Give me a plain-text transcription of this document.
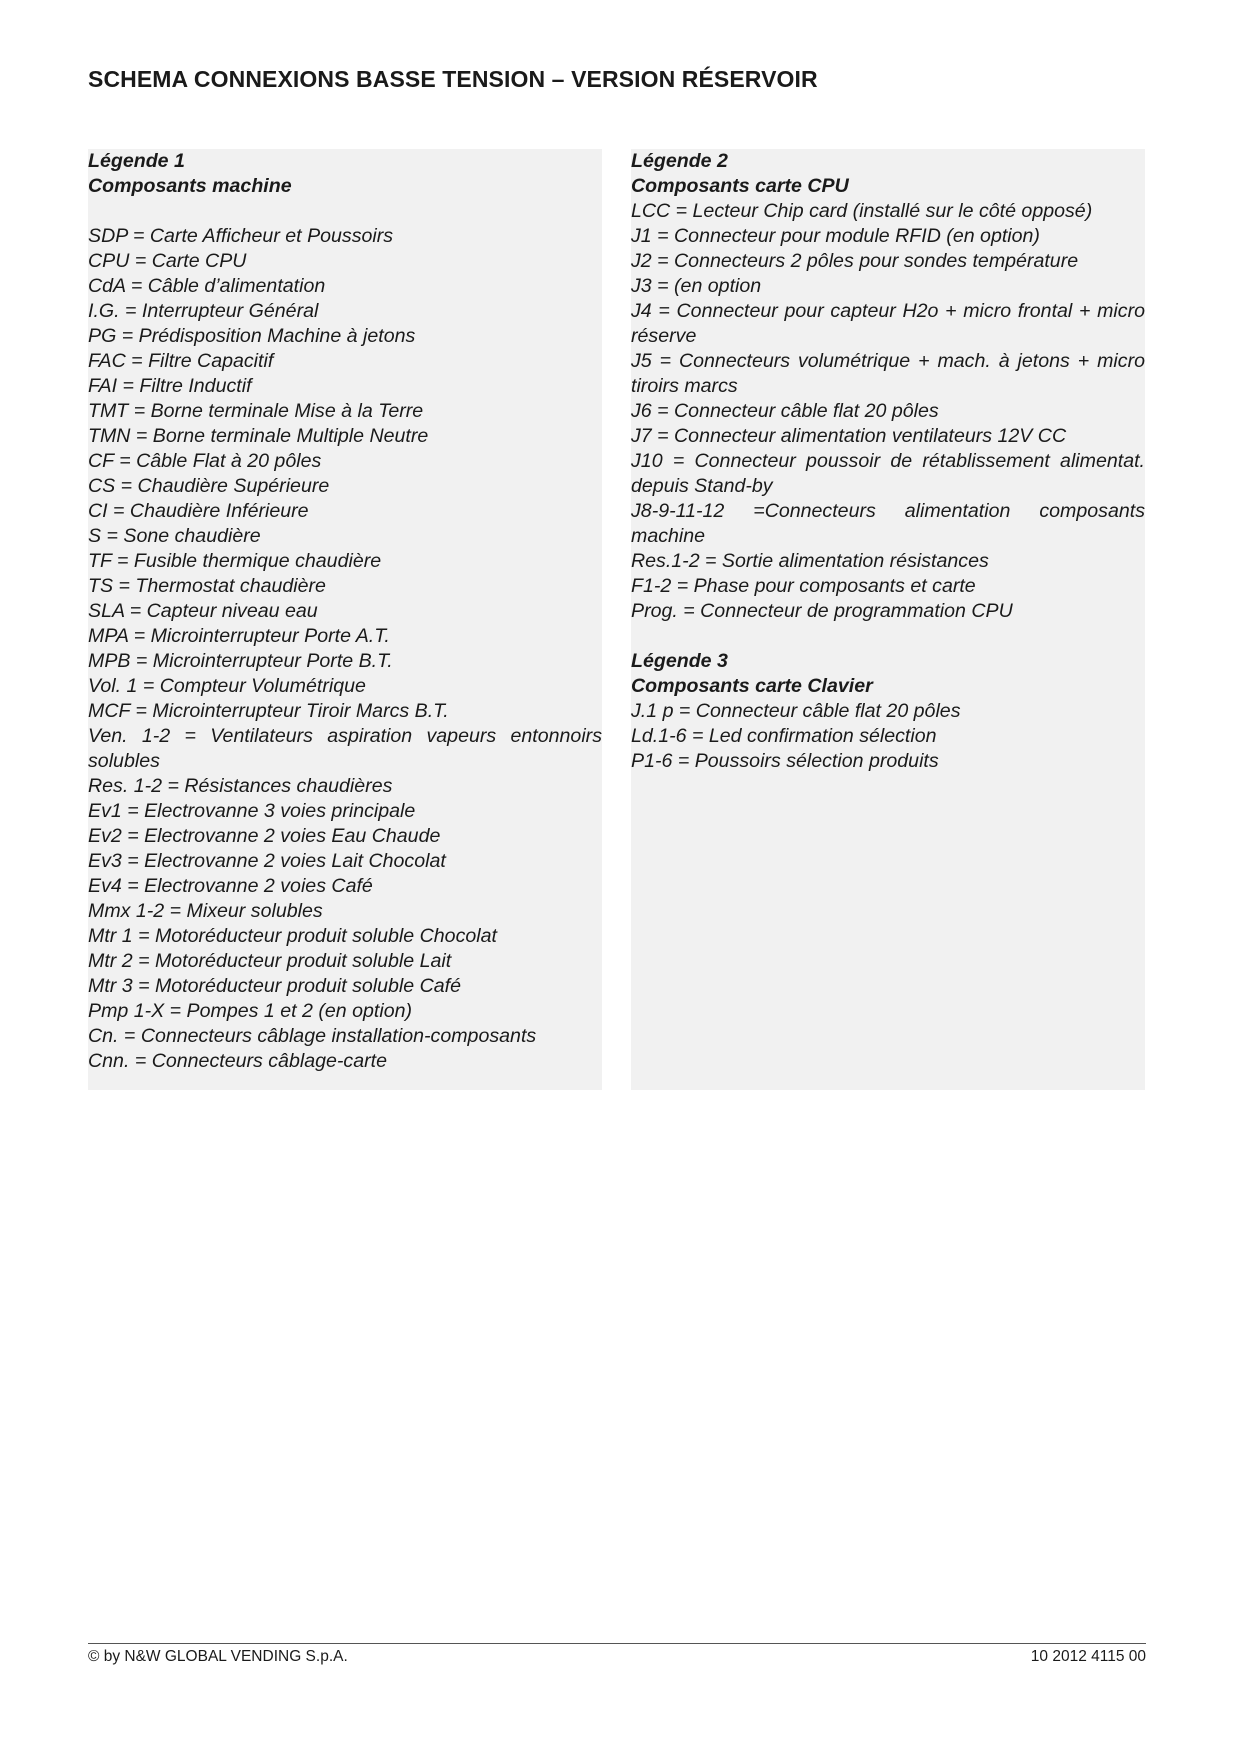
SCHEMA CONNEXIONS BASSE TENSION – VERSION RÉSERVOIR
Légende 1
Composants machine
SDP = Carte Afficheur et Poussoirs
CPU = Carte CPU
CdA = Câble d’alimentation
I.G. = Interrupteur Général
PG = Prédisposition Machine à jetons
FAC = Filtre Capacitif
FAI = Filtre Inductif
TMT = Borne terminale Mise à la Terre
TMN = Borne terminale Multiple Neutre
CF = Câble Flat à 20 pôles
CS = Chaudière Supérieure
CI = Chaudière Inférieure
S = Sone chaudière
TF = Fusible thermique chaudière
TS = Thermostat chaudière
SLA = Capteur niveau eau
MPA = Microinterrupteur Porte A.T.
MPB = Microinterrupteur Porte B.T.
Vol. 1 = Compteur Volumétrique
MCF = Microinterrupteur Tiroir Marcs B.T.
Ven. 1-2 = Ventilateurs aspiration vapeurs entonnoirs solubles
Res. 1-2 = Résistances chaudières
Ev1 = Electrovanne 3 voies principale
Ev2 = Electrovanne 2 voies Eau Chaude
Ev3 = Electrovanne 2 voies Lait Chocolat
Ev4 = Electrovanne 2 voies Café
Mmx 1-2 = Mixeur solubles
Mtr 1 = Motoréducteur produit soluble Chocolat
Mtr 2 = Motoréducteur produit soluble Lait
Mtr 3 = Motoréducteur produit soluble Café
Pmp 1-X = Pompes 1 et 2 (en option)
Cn. = Connecteurs câblage installation-composants
Cnn. = Connecteurs câblage-carte
Légende 2
Composants carte CPU
LCC = Lecteur Chip card (installé sur le côté opposé)
J1 = Connecteur pour module RFID (en option)
J2 = Connecteurs 2 pôles pour sondes température
J3 = (en option
J4 = Connecteur pour capteur H2o + micro frontal + micro réserve
J5 = Connecteurs volumétrique + mach. à jetons + micro tiroirs marcs
J6 = Connecteur câble flat 20 pôles
J7 = Connecteur alimentation ventilateurs 12V CC
J10 = Connecteur poussoir de rétablissement alimentat. depuis Stand-by
J8-9-11-12 =Connecteurs alimentation composants machine
Res.1-2 = Sortie alimentation résistances
F1-2 = Phase pour composants et carte
Prog. = Connecteur de programmation CPU
Légende 3
Composants carte Clavier
J.1 p = Connecteur câble flat 20 pôles
Ld.1-6 = Led confirmation sélection
P1-6 = Poussoirs sélection produits
© by N&W GLOBAL VENDING S.p.A.	10 2012 4115 00
